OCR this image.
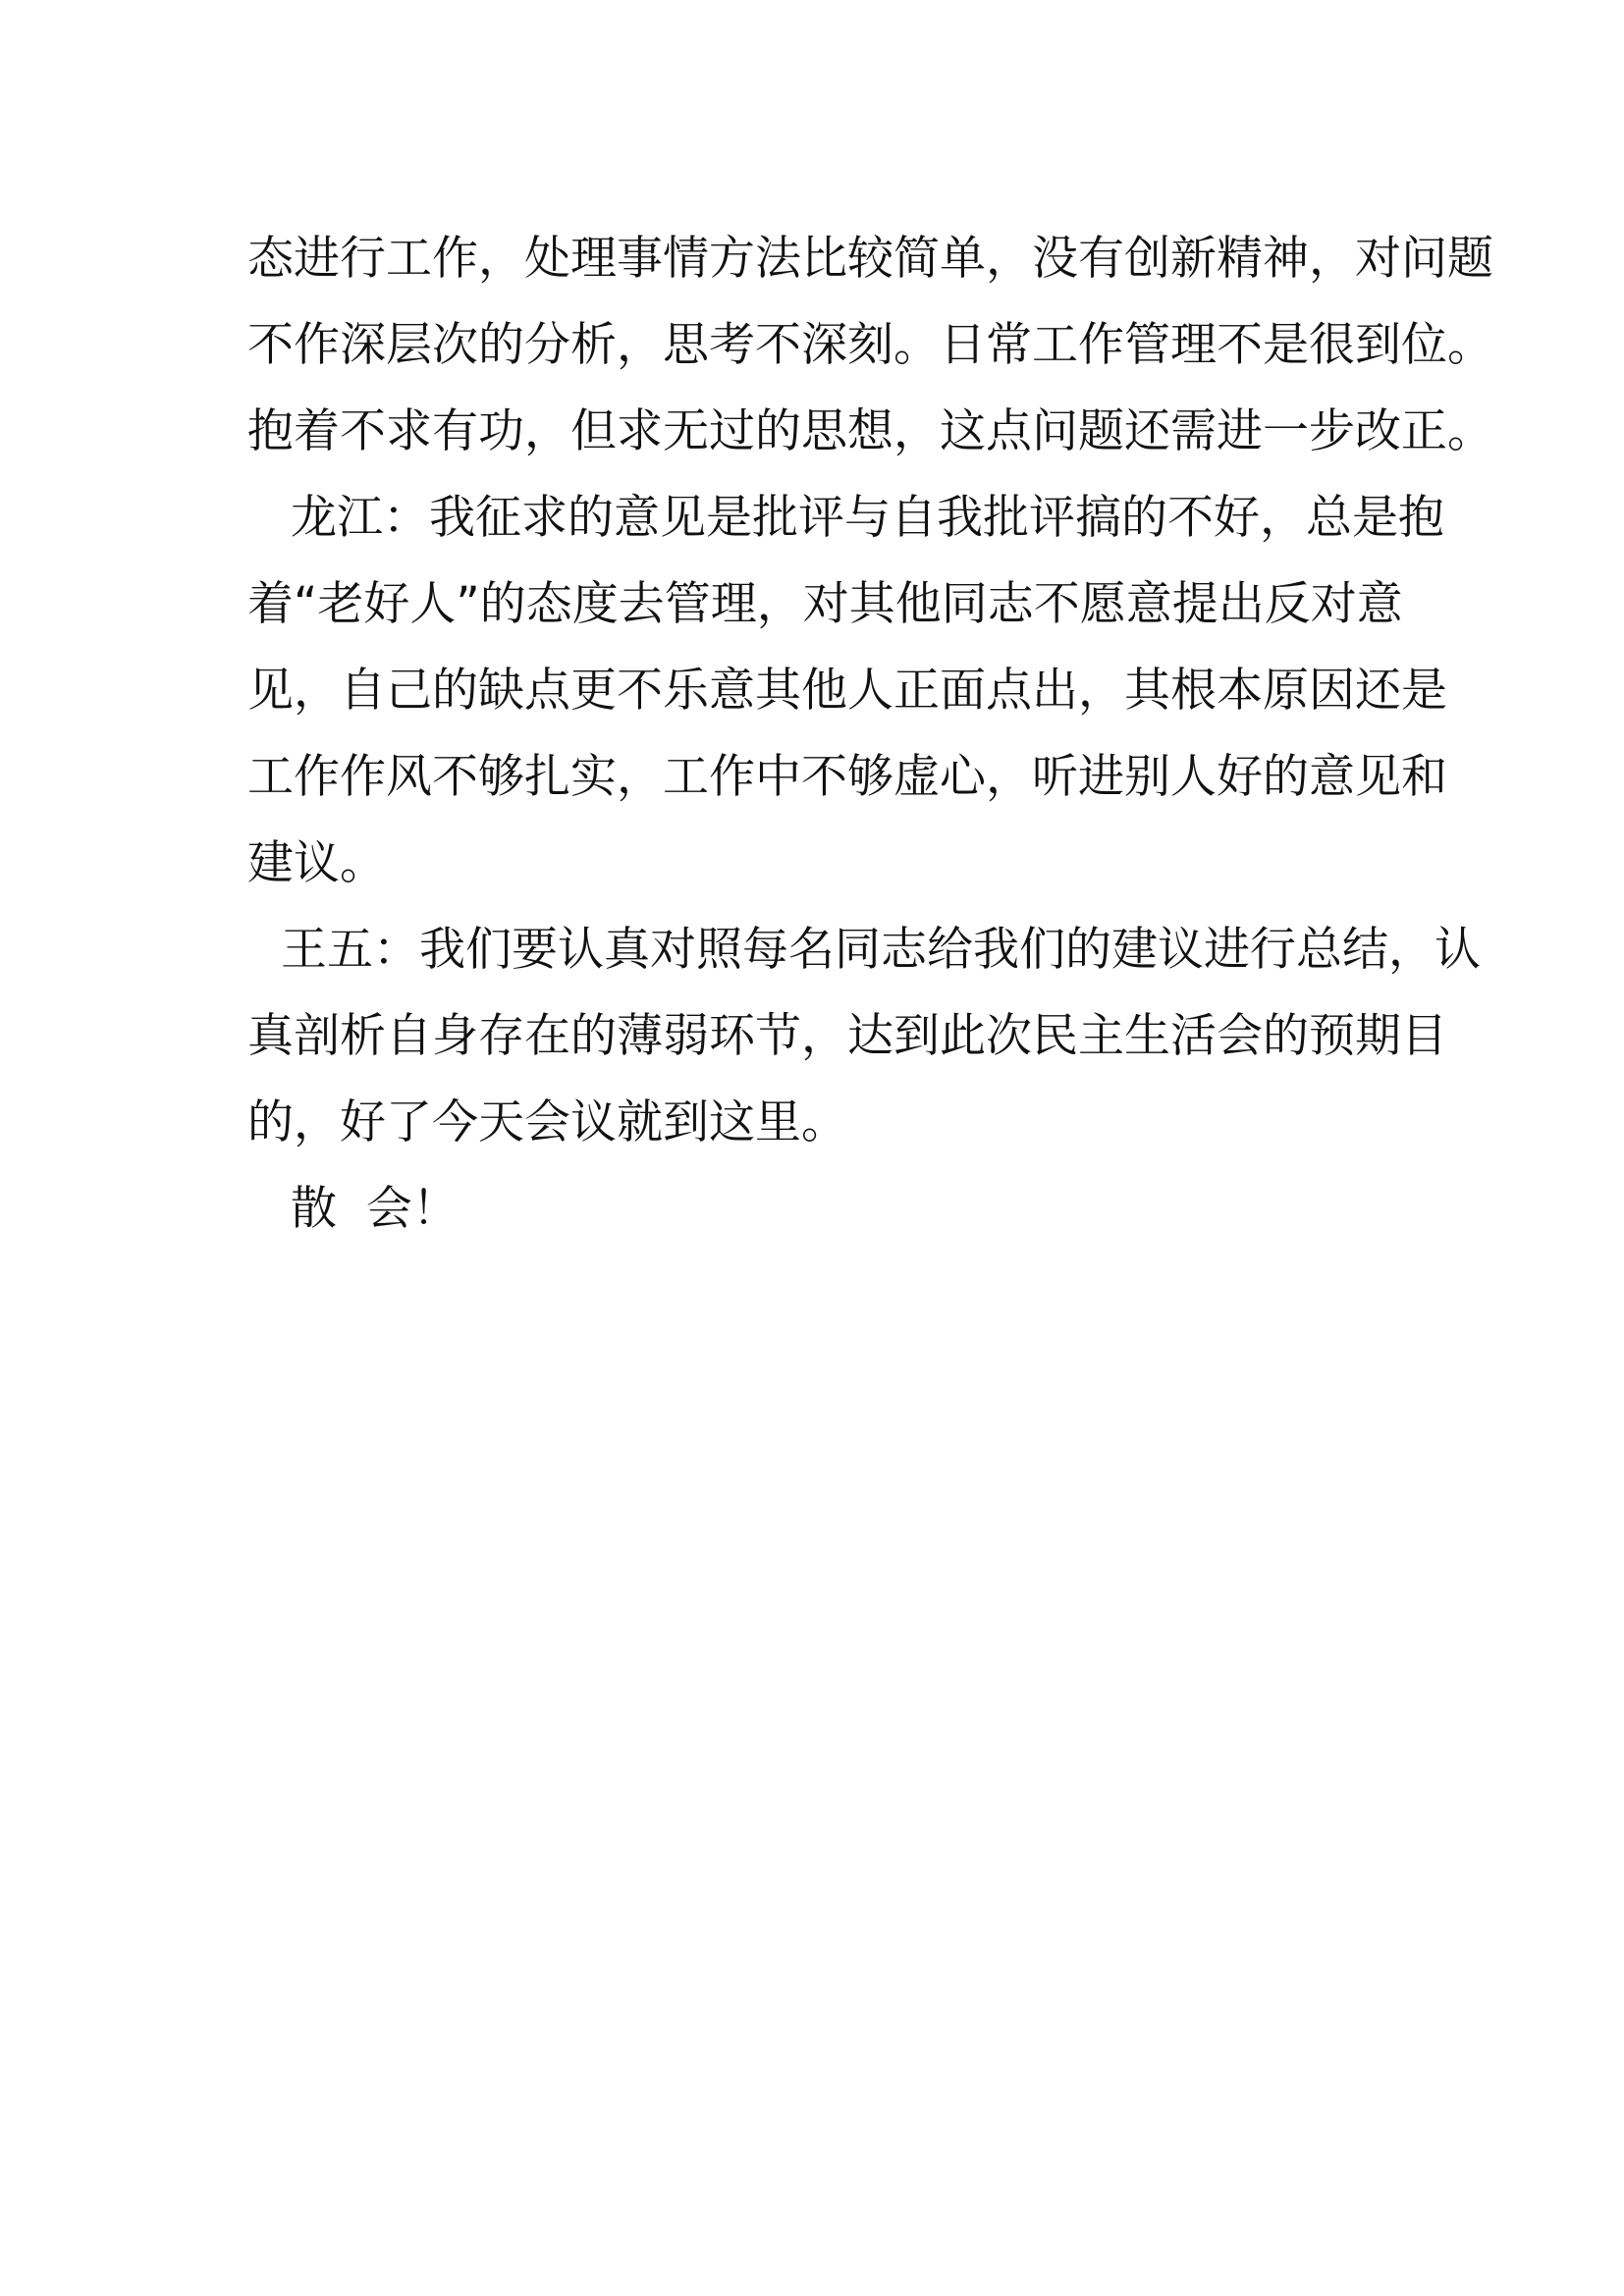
态进行工作，处理事情方法比较简单，没有创新精神，对问题
不作深层次的分析，思考不深刻。日常工作管理不是很到位。
抱着不求有功，但求无过的思想，这点问题还需进一步改正。
龙江：我征求的意见是批评与自我批评搞的不好，总是抱
着“老好人”的态度去管理，对其他同志不愿意提出反对意
见，自己的缺点更不乐意其他人正面点出，其根本原因还是
工作作风不够扎实，工作中不够虚心，听进别人好的意见和
建议。
王五：我们要认真对照每名同志给我们的建议进行总结，认
真剖析自身存在的薄弱环节，达到此次民主生活会的预期目
的，好了今天会议就到这里。
散  会！
